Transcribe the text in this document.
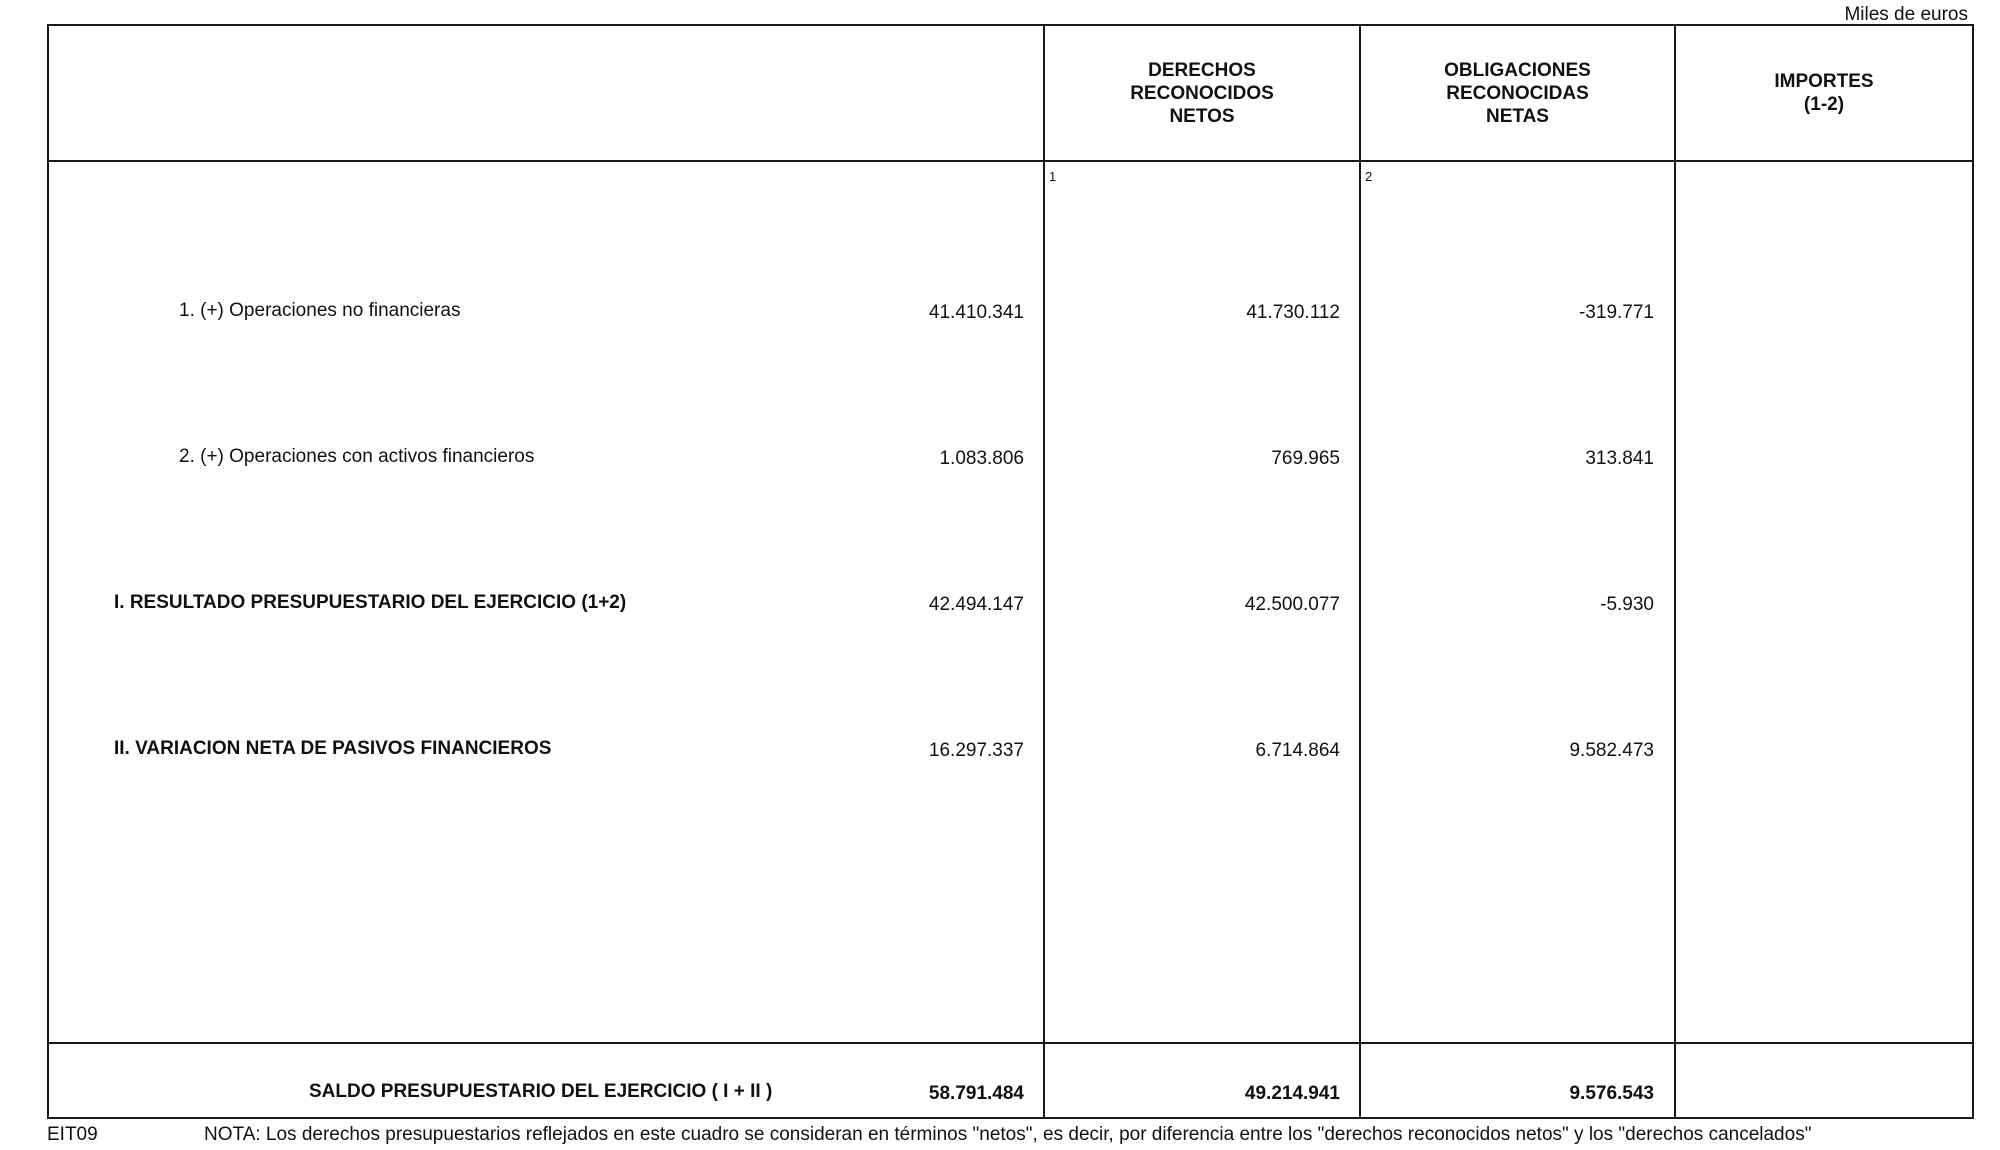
Miles de euros
DERECHOS
RECONOCIDOS
NETOS
OBLIGACIONES
RECONOCIDAS
NETAS
IMPORTES
(1-2)
1	2
1. (+) Operaciones no financieras	41.410.341	41.730.112	-319.771
2. (+) Operaciones con activos financieros	1.083.806	769.965	313.841
I. RESULTADO PRESUPUESTARIO DEL EJERCICIO (1+2)	42.494.147	42.500.077	-5.930
II. VARIACION NETA DE PASIVOS FINANCIEROS	16.297.337	6.714.864	9.582.473
SALDO PRESUPUESTARIO DEL EJERCICIO ( I + II )	58.791.484	49.214.941	9.576.543
EIT09	NOTA: Los derechos presupuestarios reflejados en este cuadro se consideran en términos "netos", es decir, por diferencia entre los "derechos reconocidos netos" y los "derechos cancelados"
